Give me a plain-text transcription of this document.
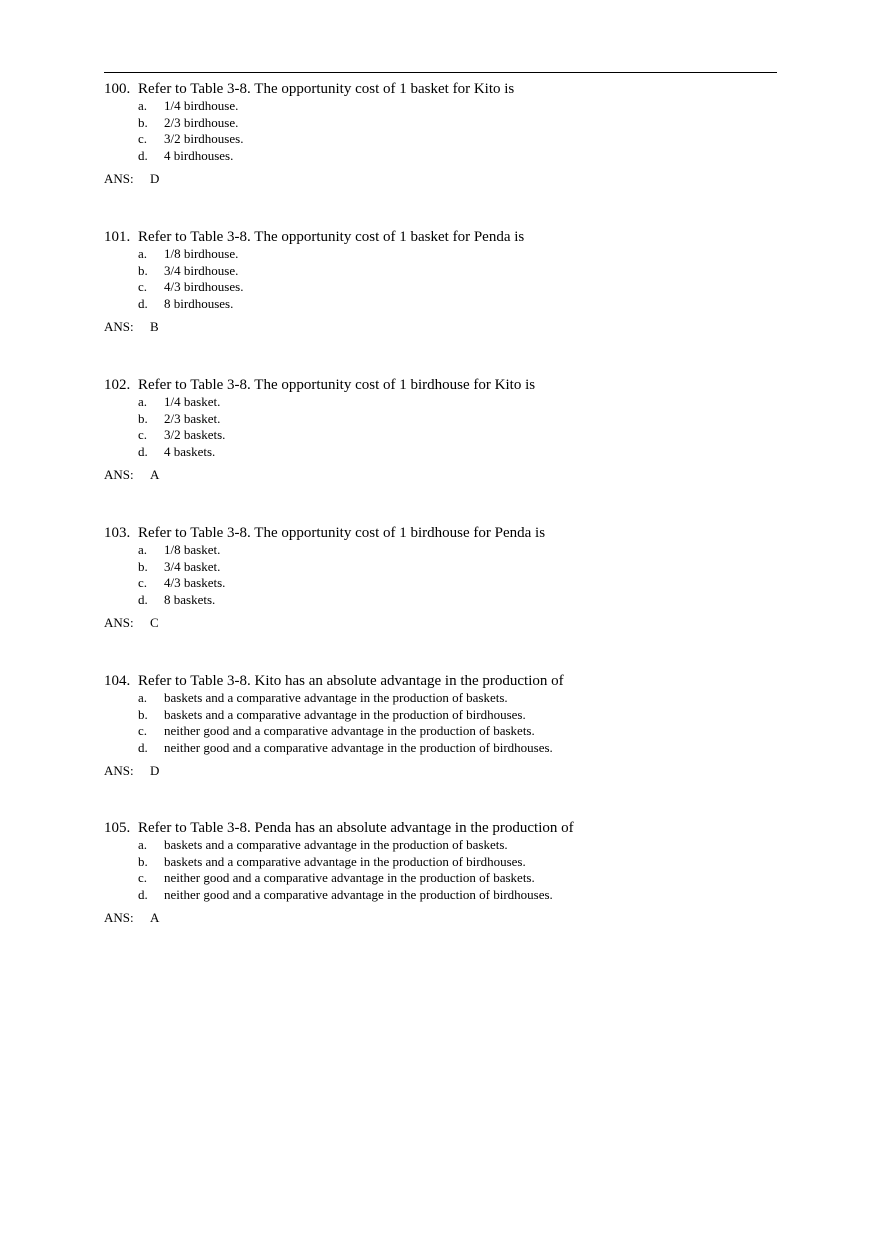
100. Refer to Table 3-8. The opportunity cost of 1 basket for Kito is
a. 1/4 birdhouse.
b. 2/3 birdhouse.
c. 3/2 birdhouses.
d. 4 birdhouses.
ANS: D
101. Refer to Table 3-8. The opportunity cost of 1 basket for Penda is
a. 1/8 birdhouse.
b. 3/4 birdhouse.
c. 4/3 birdhouses.
d. 8 birdhouses.
ANS: B
102. Refer to Table 3-8. The opportunity cost of 1 birdhouse for Kito is
a. 1/4 basket.
b. 2/3 basket.
c. 3/2 baskets.
d. 4 baskets.
ANS: A
103. Refer to Table 3-8. The opportunity cost of 1 birdhouse for Penda is
a. 1/8 basket.
b. 3/4 basket.
c. 4/3 baskets.
d. 8 baskets.
ANS: C
104. Refer to Table 3-8. Kito has an absolute advantage in the production of
a. baskets and a comparative advantage in the production of baskets.
b. baskets and a comparative advantage in the production of birdhouses.
c. neither good and a comparative advantage in the production of baskets.
d. neither good and a comparative advantage in the production of birdhouses.
ANS: D
105. Refer to Table 3-8. Penda has an absolute advantage in the production of
a. baskets and a comparative advantage in the production of baskets.
b. baskets and a comparative advantage in the production of birdhouses.
c. neither good and a comparative advantage in the production of baskets.
d. neither good and a comparative advantage in the production of birdhouses.
ANS: A
